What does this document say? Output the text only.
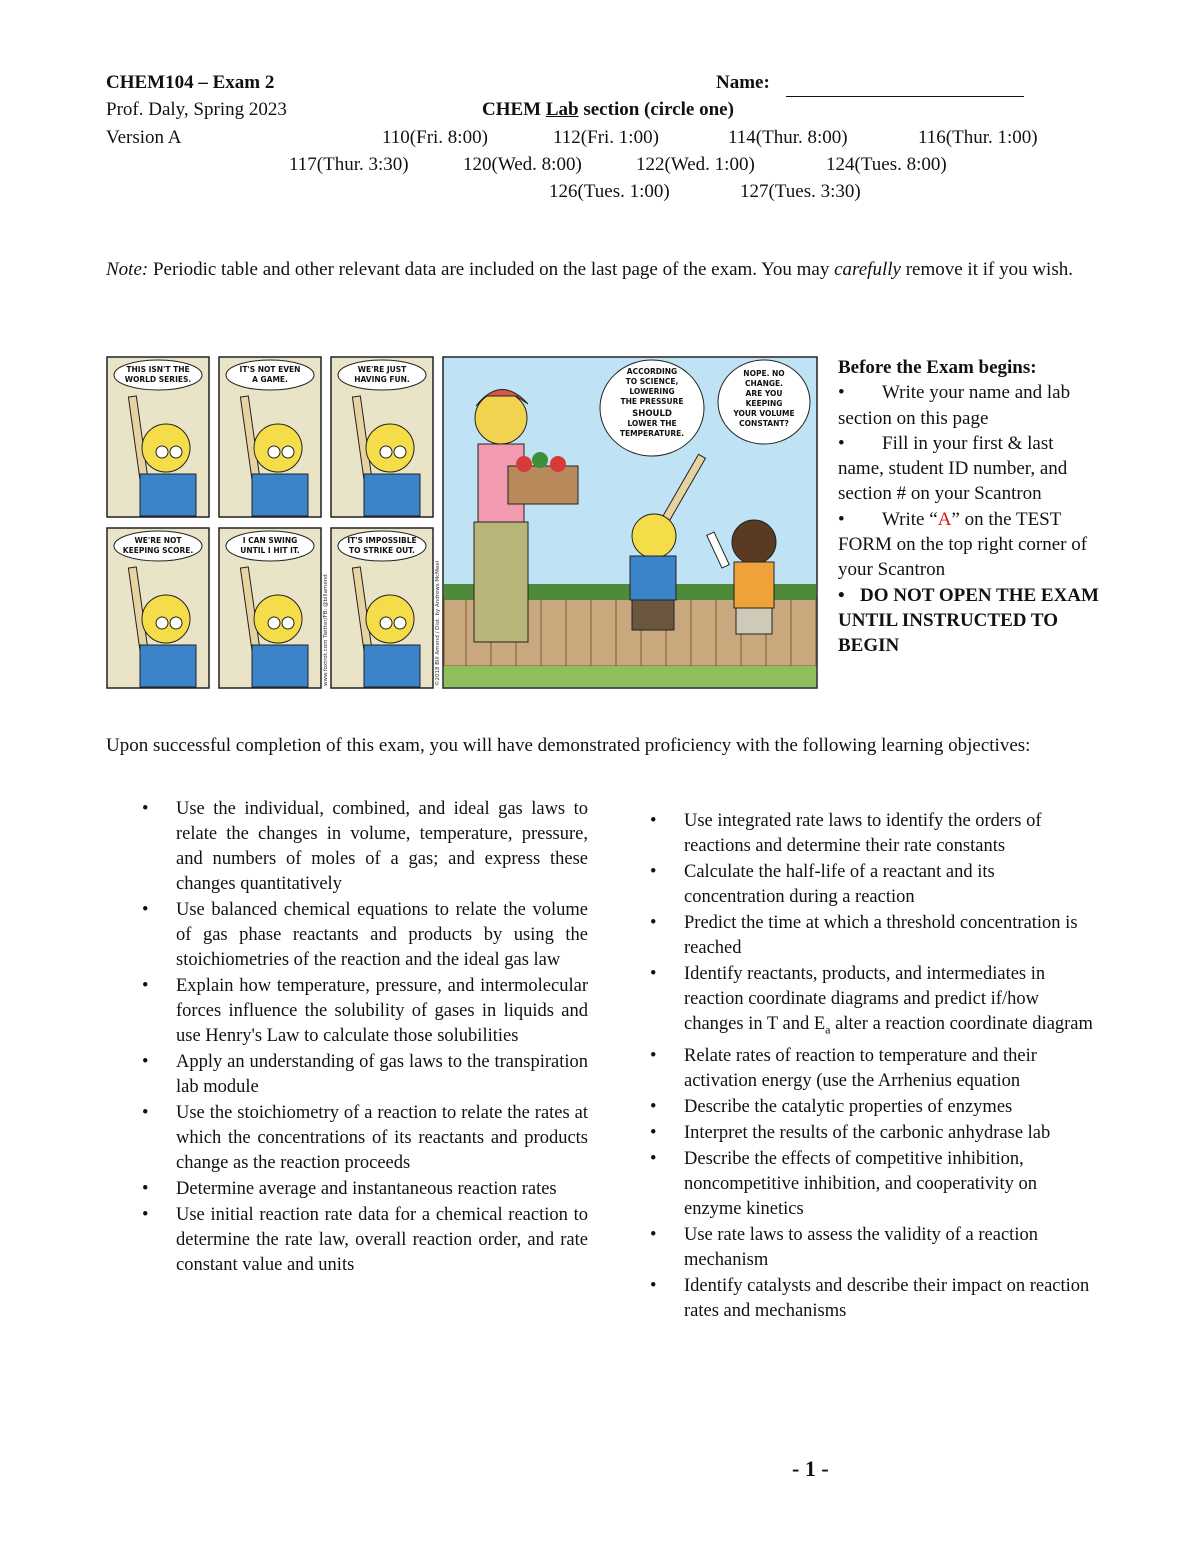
CHEM104 – Exam 2	Name:
Prof. Daly, Spring 2023	CHEM Lab section (circle one)
Version A	110(Fri. 8:00)	112(Fri. 1:00)	114(Thur. 8:00)	116(Thur. 1:00)
117(Thur. 3:30)	120(Wed. 8:00)	122(Wed. 1:00)	124(Tues. 8:00)
126(Tues. 1:00)	127(Tues. 3:30)
Note: Periodic table and other relevant data are included on the last page of the exam. You may carefully remove it if you wish.
THIS ISN'T THE
WORLD SERIES.
IT'S NOT EVEN
A GAME.
WE'RE JUST
HAVING FUN.
WE'RE NOT
KEEPING SCORE.
I CAN SWING
UNTIL I HIT IT.
IT'S IMPOSSIBLE
TO STRIKE OUT.
www.foxtrot.com Twitter/FB: @billamend
ACCORDING
TO SCIENCE,
LOWERING
THE PRESSURE
SHOULD
LOWER THE
TEMPERATURE.
NOPE. NO
CHANGE.
ARE YOU
KEEPING
YOUR VOLUME
CONSTANT?
©2018 Bill Amend / Dist. by Andrews McMeel
Before the Exam begins:
• Write your name and lab section on this page
• Fill in your first & last name, student ID number, and section # on your Scantron
• Write “A” on the TEST FORM on the top right corner of your Scantron
• DO NOT OPEN THE EXAM UNTIL INSTRUCTED TO BEGIN
Upon successful completion of this exam, you will have demonstrated proficiency with the following learning objectives:
• Use the individual, combined, and ideal gas laws to relate the changes in volume, temperature, pressure, and numbers of moles of a gas; and express these changes quantitatively
• Use balanced chemical equations to relate the volume of gas phase reactants and products by using the stoichiometries of the reaction and the ideal gas law
• Explain how temperature, pressure, and intermolecular forces influence the solubility of gases in liquids and use Henry's Law to calculate those solubilities
• Apply an understanding of gas laws to the transpiration lab module
• Use the stoichiometry of a reaction to relate the rates at which the concentrations of its reactants and products change as the reaction proceeds
• Determine average and instantaneous reaction rates
• Use initial reaction rate data for a chemical reaction to determine the rate law, overall reaction order, and rate constant value and units
• Use integrated rate laws to identify the orders of reactions and determine their rate constants
• Calculate the half-life of a reactant and its concentration during a reaction
• Predict the time at which a threshold concentration is reached
• Identify reactants, products, and intermediates in reaction coordinate diagrams and predict if/how changes in T and $E_a$ alter a reaction coordinate diagram
• Relate rates of reaction to temperature and their activation energy (use the Arrhenius equation
• Describe the catalytic properties of enzymes
• Interpret the results of the carbonic anhydrase lab
• Describe the effects of competitive inhibition, noncompetitive inhibition, and cooperativity on enzyme kinetics
• Use rate laws to assess the validity of a reaction mechanism
• Identify catalysts and describe their impact on reaction rates and mechanisms
- 1 -
